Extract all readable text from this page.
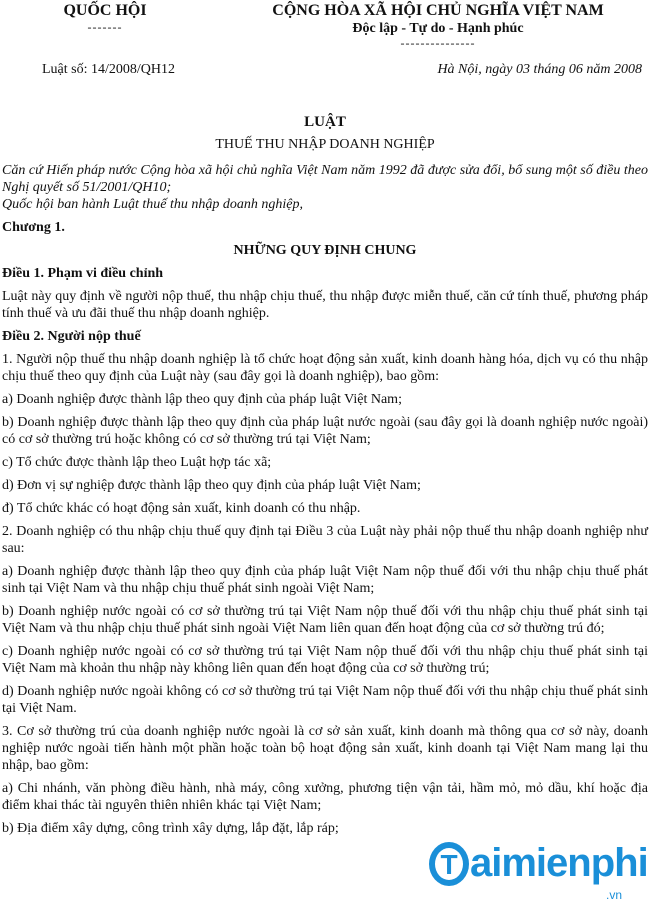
QUỐC HỘI
-------
CỘNG HÒA XÃ HỘI CHỦ NGHĨA VIỆT NAM
Độc lập - Tự do - Hạnh phúc
---------------
Luật số: 14/2008/QH12	Hà Nội, ngày 03 tháng 06 năm 2008
LUẬT
THUẾ THU NHẬP DOANH NGHIỆP

Căn cứ Hiến pháp nước Cộng hòa xã hội chủ nghĩa Việt Nam năm 1992 đã được sửa đổi, bổ sung một số điều theo Nghị quyết số 51/2001/QH10;

Quốc hội ban hành Luật thuế thu nhập doanh nghiệp,

Chương 1.

NHỮNG QUY ĐỊNH CHUNG

Điều 1. Phạm vi điều chỉnh

Luật này quy định về người nộp thuế, thu nhập chịu thuế, thu nhập được miễn thuế, căn cứ tính thuế, phương pháp tính thuế và ưu đãi thuế thu nhập doanh nghiệp.

Điều 2. Người nộp thuế

1. Người nộp thuế thu nhập doanh nghiệp là tổ chức hoạt động sản xuất, kinh doanh hàng hóa, dịch vụ có thu nhập chịu thuế theo quy định của Luật này (sau đây gọi là doanh nghiệp), bao gồm:

a) Doanh nghiệp được thành lập theo quy định của pháp luật Việt Nam;

b) Doanh nghiệp được thành lập theo quy định của pháp luật nước ngoài (sau đây gọi là doanh nghiệp nước ngoài) có cơ sở thường trú hoặc không có cơ sở thường trú tại Việt Nam;

c) Tổ chức được thành lập theo Luật hợp tác xã;

d) Đơn vị sự nghiệp được thành lập theo quy định của pháp luật Việt Nam;

đ) Tổ chức khác có hoạt động sản xuất, kinh doanh có thu nhập.

2. Doanh nghiệp có thu nhập chịu thuế quy định tại Điều 3 của Luật này phải nộp thuế thu nhập doanh nghiệp như sau:

a) Doanh nghiệp được thành lập theo quy định của pháp luật Việt Nam nộp thuế đối với thu nhập chịu thuế phát sinh tại Việt Nam và thu nhập chịu thuế phát sinh ngoài Việt Nam;

b) Doanh nghiệp nước ngoài có cơ sở thường trú tại Việt Nam nộp thuế đối với thu nhập chịu thuế phát sinh tại Việt Nam và thu nhập chịu thuế phát sinh ngoài Việt Nam liên quan đến hoạt động của cơ sở thường trú đó;

c) Doanh nghiệp nước ngoài có cơ sở thường trú tại Việt Nam nộp thuế đối với thu nhập chịu thuế phát sinh tại Việt Nam mà khoản thu nhập này không liên quan đến hoạt động của cơ sở thường trú;

d) Doanh nghiệp nước ngoài không có cơ sở thường trú tại Việt Nam nộp thuế đối với thu nhập chịu thuế phát sinh tại Việt Nam.

3. Cơ sở thường trú của doanh nghiệp nước ngoài là cơ sở sản xuất, kinh doanh mà thông qua cơ sở này, doanh nghiệp nước ngoài tiến hành một phần hoặc toàn bộ hoạt động sản xuất, kinh doanh tại Việt Nam mang lại thu nhập, bao gồm:

a) Chi nhánh, văn phòng điều hành, nhà máy, công xưởng, phương tiện vận tải, hầm mỏ, mỏ dầu, khí hoặc địa điểm khai thác tài nguyên thiên nhiên khác tại Việt Nam;

b) Địa điểm xây dựng, công trình xây dựng, lắp đặt, lắp ráp;

T aimienphi
.vn
